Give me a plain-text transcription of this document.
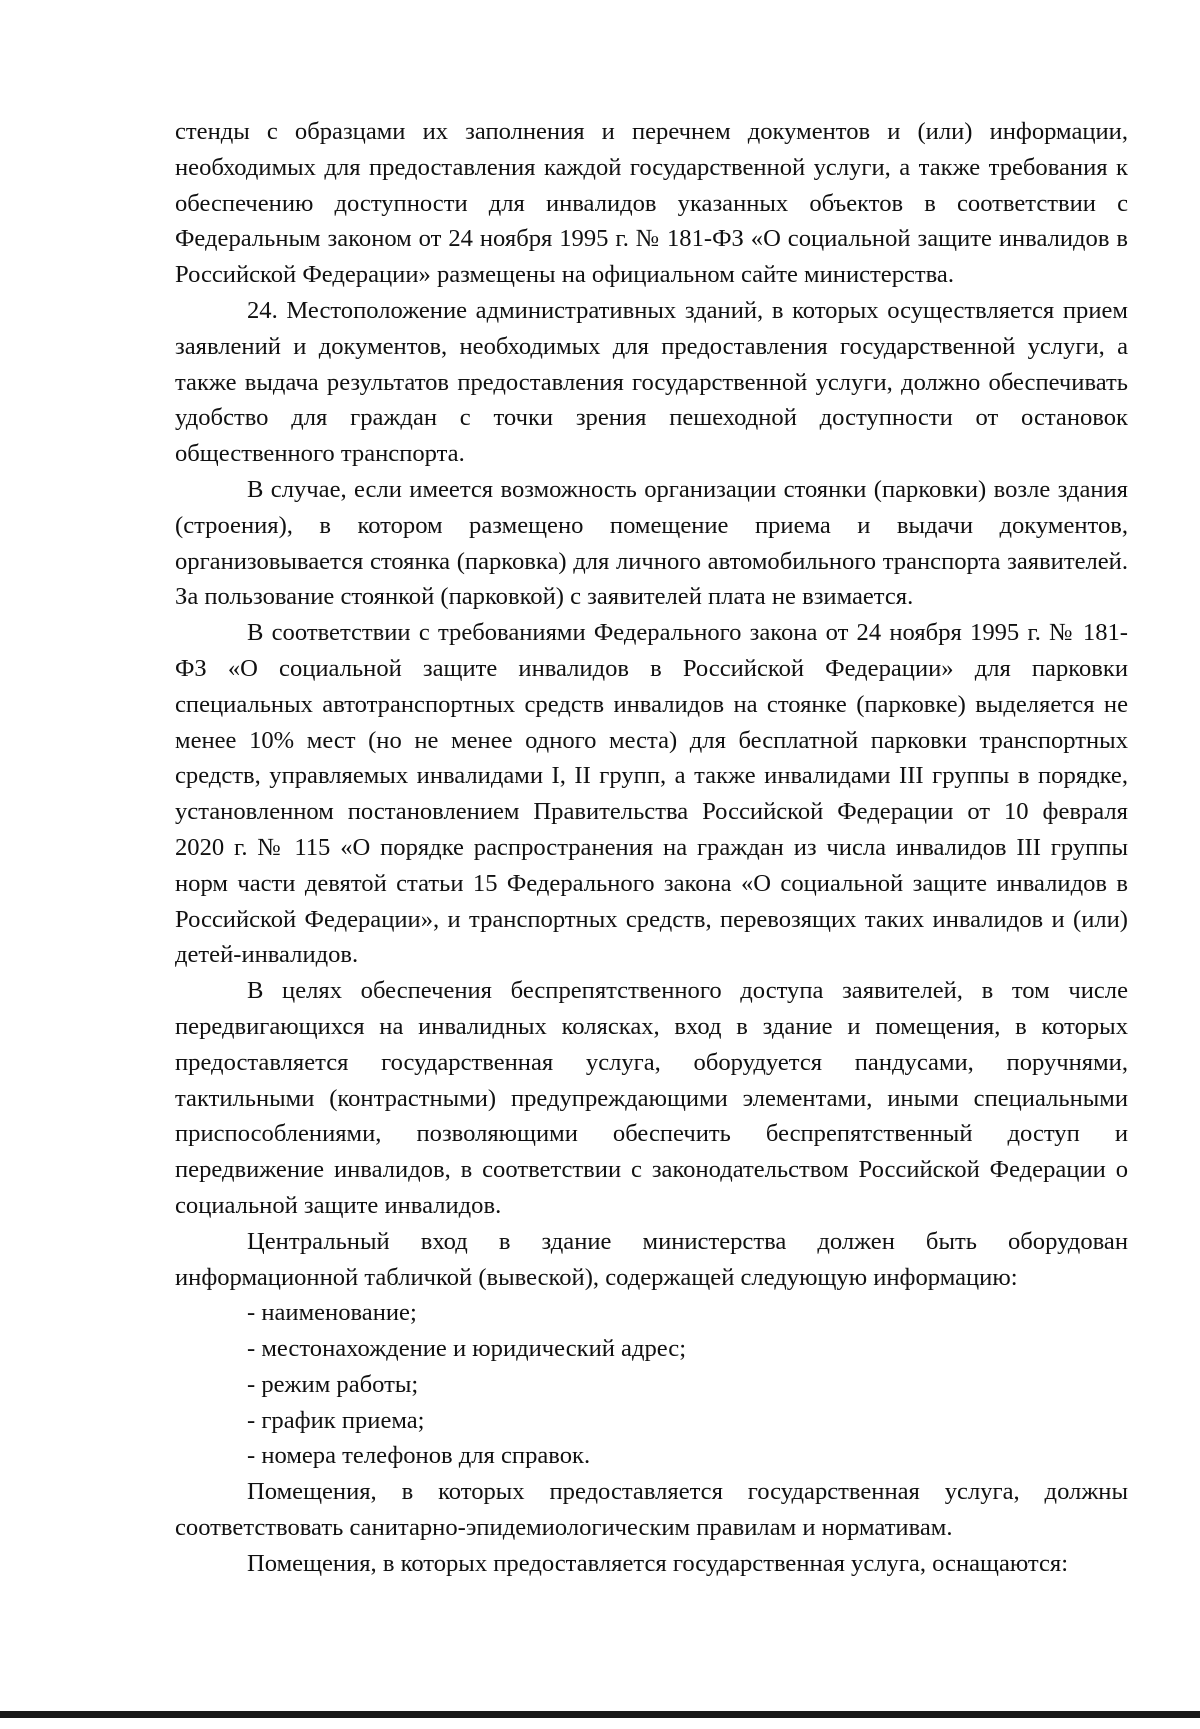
стенды с образцами их заполнения и перечнем документов и (или) информации, необходимых для предоставления каждой государственной услуги, а также требования к обеспечению доступности для инвалидов указанных объектов в соответствии с Федеральным законом от 24 ноября 1995 г. № 181-ФЗ «О социальной защите инвалидов в Российской Федерации» размещены на официальном сайте министерства.

24. Местоположение административных зданий, в которых осуществляется прием заявлений и документов, необходимых для предоставления государственной услуги, а также выдача результатов предоставления государственной услуги, должно обеспечивать удобство для граждан с точки зрения пешеходной доступности от остановок общественного транспорта.

В случае, если имеется возможность организации стоянки (парковки) возле здания (строения), в котором размещено помещение приема и выдачи документов, организовывается стоянка (парковка) для личного автомобильного транспорта заявителей. За пользование стоянкой (парковкой) с заявителей плата не взимается.

В соответствии с требованиями Федерального закона от 24 ноября 1995 г. № 181-ФЗ «О социальной защите инвалидов в Российской Федерации» для парковки специальных автотранспортных средств инвалидов на стоянке (парковке) выделяется не менее 10% мест (но не менее одного места) для бесплатной парковки транспортных средств, управляемых инвалидами I, II групп, а также инвалидами III группы в порядке, установленном постановлением Правительства Российской Федерации от 10 февраля 2020 г. № 115 «О порядке распространения на граждан из числа инвалидов III группы норм части девятой статьи 15 Федерального закона «О социальной защите инвалидов в Российской Федерации», и транспортных средств, перевозящих таких инвалидов и (или) детей-инвалидов.

В целях обеспечения беспрепятственного доступа заявителей, в том числе передвигающихся на инвалидных колясках, вход в здание и помещения, в которых предоставляется государственная услуга, оборудуется пандусами, поручнями, тактильными (контрастными) предупреждающими элементами, иными специальными приспособлениями, позволяющими обеспечить беспрепятственный доступ и передвижение инвалидов, в соответствии с законодательством Российской Федерации о социальной защите инвалидов.

Центральный вход в здание министерства должен быть оборудован информационной табличкой (вывеской), содержащей следующую информацию:

- наименование;

- местонахождение и юридический адрес;

- режим работы;

- график приема;

- номера телефонов для справок.

Помещения, в которых предоставляется государственная услуга, должны соответствовать санитарно-эпидемиологическим правилам и нормативам.

Помещения, в которых предоставляется государственная услуга, оснащаются:
